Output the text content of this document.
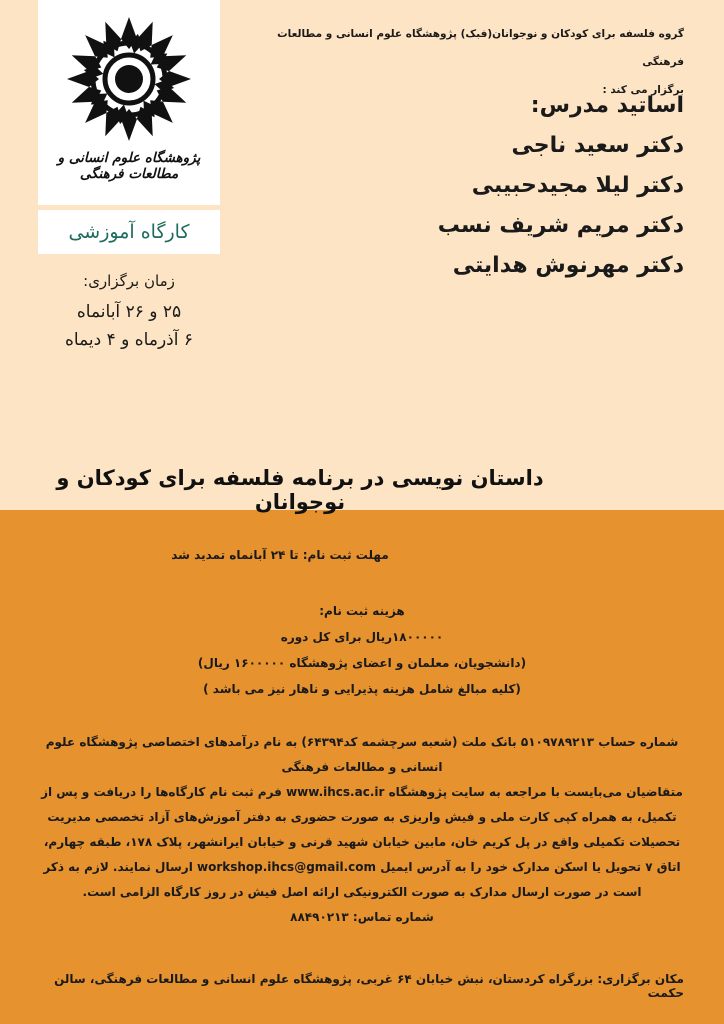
پژوهشگاه علوم انسانی و مطالعات فرهنگی
کارگاه آموزشی
زمان برگزاری:
۲۵ و ۲۶ آبانماه
۶ آذرماه و ۴ دیماه
گروه فلسفه برای کودکان و نوجوانان(فبک) پژوهشگاه علوم انسانی و مطالعات فرهنگی
برگزار می کند :
اساتید مدرس:
دکتر سعید ناجی
دکتر لیلا مجیدحبیبی
دکتر مریم شریف نسب
دکتر مهرنوش هدایتی
داستان نویسی در برنامه فلسفه برای کودکان و نوجوانان
مهلت ثبت نام: تا ۲۴ آبانماه تمدید شد
هزینه ثبت نام:
۱۸۰۰۰۰۰ریال برای کل دوره
(دانشجویان، معلمان و اعضای پژوهشگاه ۱۶۰۰۰۰۰ ریال)
(کلیه مبالغ شامل هزینه پذیرایی و ناهار نیز می باشد )
شماره حساب ۵۱۰۹۷۸۹۲۱۳ بانک ملت (شعبه سرچشمه کد۶۴۳۹۴) به نام درآمدهای اختصاصی پژوهشگاه علوم
انسانی و مطالعات فرهنگی
متقاضیان می‌بایست با مراجعه به سایت پژوهشگاه www.ihcs.ac.ir فرم ثبت نام کارگاه‌ها را دریافت و پس از
تکمیل، به همراه کپی کارت ملی و فیش واریزی به صورت حضوری به دفتر آموزش‌های آزاد تخصصی مدیریت
تحصیلات تکمیلی واقع در پل کریم خان، مابین خیابان شهید قرنی و خیابان ایرانشهر، پلاک ۱۷۸، طبقه چهارم،
اتاق ۷ تحویل یا اسکن مدارک خود را به آدرس ایمیل workshop.ihcs@gmail.com ارسال نمایند. لازم به ذکر
است در صورت ارسال مدارک به صورت الکترونیکی ارائه اصل فیش در روز کارگاه الزامی است.
شماره تماس: ۸۸۴۹۰۲۱۳
مکان برگزاری: بزرگراه کردستان، نبش خیابان ۶۴ غربی، پژوهشگاه علوم انسانی و مطالعات فرهنگی، سالن حکمت
